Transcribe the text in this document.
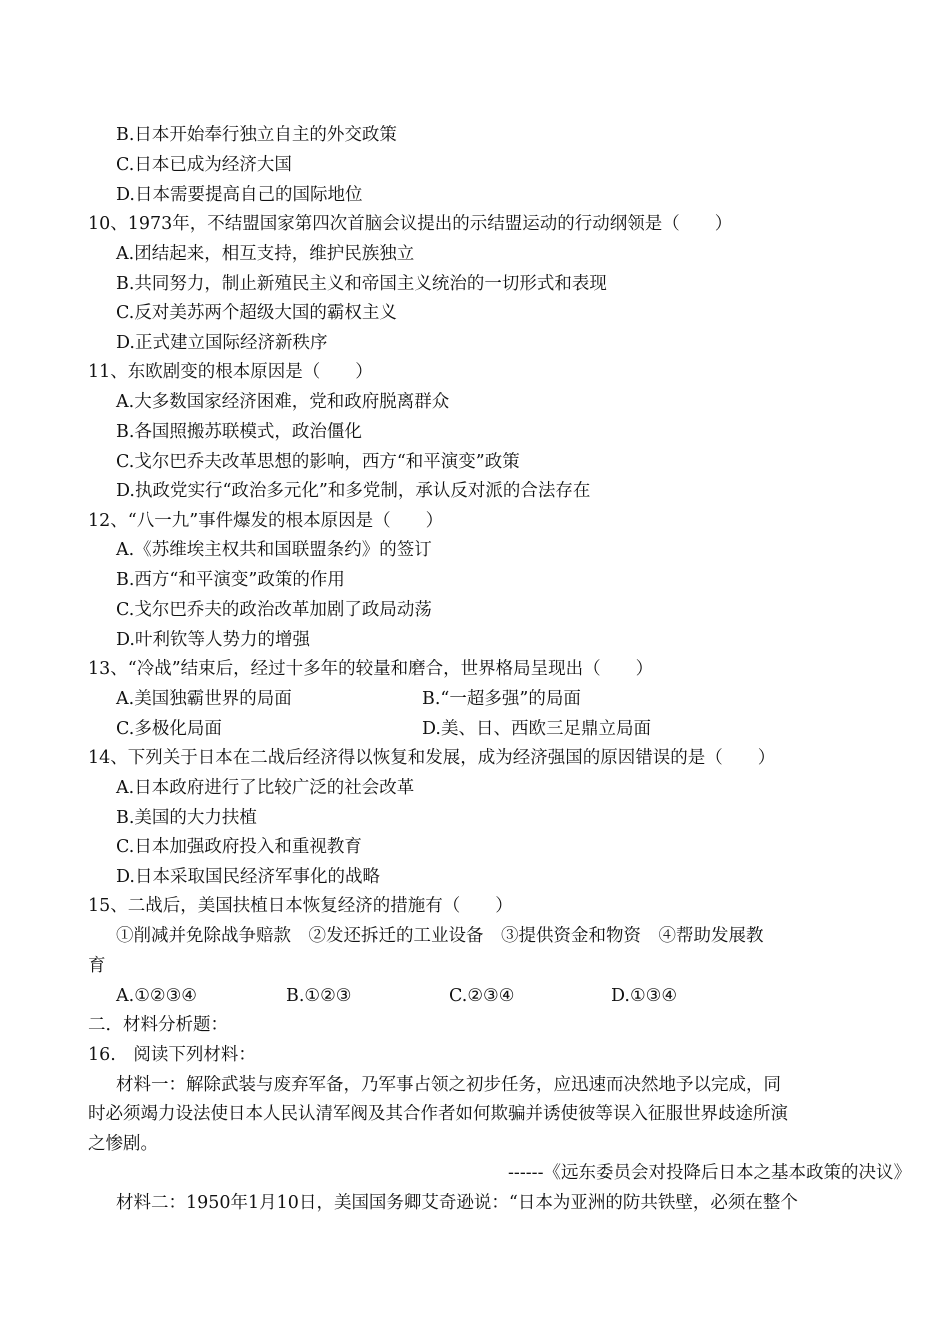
B.日本开始奉行独立自主的外交政策
C.日本已成为经济大国
D.日本需要提高自己的国际地位
10、1973年，不结盟国家第四次首脑会议提出的示结盟运动的行动纲领是（　　）
A.团结起来，相互支持，维护民族独立
B.共同努力，制止新殖民主义和帝国主义统治的一切形式和表现
C.反对美苏两个超级大国的霸权主义
D.正式建立国际经济新秩序
11、东欧剧变的根本原因是（　　）
A.大多数国家经济困难，党和政府脱离群众
B.各国照搬苏联模式，政治僵化
C.戈尔巴乔夫改革思想的影响，西方“和平演变”政策
D.执政党实行“政治多元化”和多党制，承认反对派的合法存在
12、“八一九”事件爆发的根本原因是（　　）
A.《苏维埃主权共和国联盟条约》的签订
B.西方“和平演变”政策的作用
C.戈尔巴乔夫的政治改革加剧了政局动荡
D.叶利钦等人势力的增强
13、“冷战”结束后，经过十多年的较量和磨合，世界格局呈现出（　　）
A.美国独霸世界的局面	B.“一超多强”的局面
C.多极化局面	D.美、日、西欧三足鼎立局面
14、下列关于日本在二战后经济得以恢复和发展，成为经济强国的原因错误的是（　　）
A.日本政府进行了比较广泛的社会改革
B.美国的大力扶植
C.日本加强政府投入和重视教育
D.日本采取国民经济军事化的战略
15、二战后，美国扶植日本恢复经济的措施有（　　）
①削减并免除战争赔款　②发还拆迁的工业设备　③提供资金和物资　④帮助发展教
育
A.①②③④	B.①②③	C.②③④	D.①③④
二．材料分析题：
16.　阅读下列材料：
材料一：解除武装与废弃军备，乃军事占领之初步任务，应迅速而决然地予以完成，同
时必须竭力设法使日本人民认清军阀及其合作者如何欺骗并诱使彼等误入征服世界歧途所演
之惨剧。
------《远东委员会对投降后日本之基本政策的决议》
材料二：1950年1月10日，美国国务卿艾奇逊说：“日本为亚洲的防共铁壁，必须在整个
